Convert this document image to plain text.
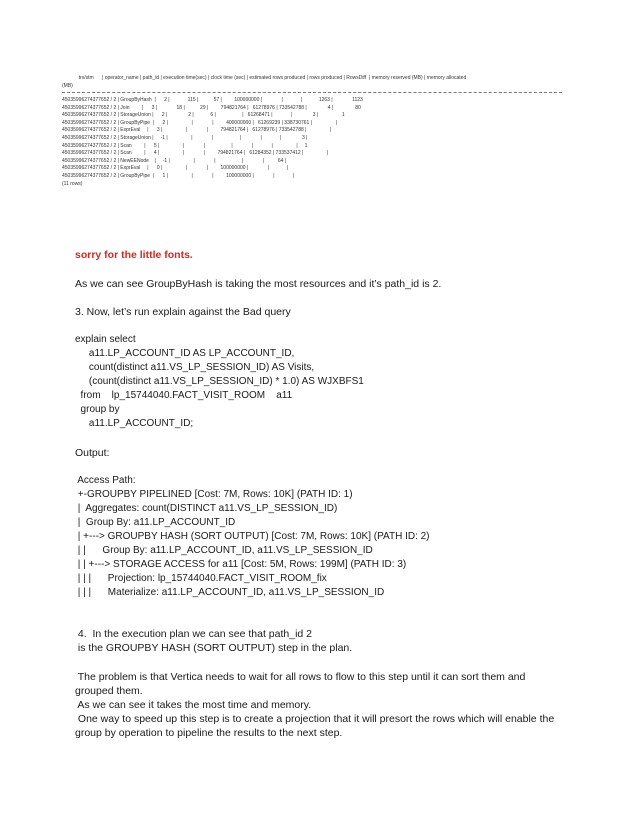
trx/stm      | operator_name | path_id | execution time(sec) | clock time (sec) | estimated rows produced | rows produced | RowsDiff  | memory reserved (MB) | memory allocated
(MB)
45035996274377652 / 2 | GroupByHash  |      2 |             115 |           57 |         100000000 |              |             |            1263 |              1123
45035996274377652 / 2 | Join         |      3 |              18 |           29 |         794821764 |   61278976 | 733542788 |               4 |                80
45035996274377652 / 2 | StorageUnion |      2 |               2 |            6 |                   |   61268471 |             |               3 |                 1
45035996274377652 / 2 | GroupByPipe  |      2 |                 |              |         400000000 |   61269239 | 338730761 |                 |
45035996274377652 / 2 | ExprEval     |      3 |                 |              |         794821764 |   61278976 | 733542788 |                 |
45035996274377652 / 2 | StorageUnion |     -1 |                 |              |                   |              |             |               3 |
45035996274377652 / 2 | Scan         |      5 |                 |              |                   |              |             |                 |     1
45035996274377652 / 2 | Scan         |      4 |                 |              |         794821764 |   61284352 | 733537412 |                 |
45035996274377652 / 2 | NewEENode    |     -1 |                 |              |                   |              |          64 |
45035996274377652 / 2 | ExprEval     |      0 |                 |              |         100000000 |              |             |
45035996274377652 / 2 | GroupByPipe  |      1 |                 |              |         100000000 |              |             |
(11 rows)
sorry for the little fonts.
As we can see GroupByHash is taking the most resources and it’s path_id is 2.
3. Now, let’s run explain against the Bad query
explain select
a11.LP_ACCOUNT_ID AS LP_ACCOUNT_ID,
count(distinct a11.VS_LP_SESSION_ID) AS Visits,
(count(distinct a11.VS_LP_SESSION_ID) * 1.0) AS WJXBFS1
from    lp_15744040.FACT_VISIT_ROOM    a11
group by
a11.LP_ACCOUNT_ID;
Output:
Access Path:
+-GROUPBY PIPELINED [Cost: 7M, Rows: 10K] (PATH ID: 1)
|  Aggregates: count(DISTINCT a11.VS_LP_SESSION_ID)
|  Group By: a11.LP_ACCOUNT_ID
| +---> GROUPBY HASH (SORT OUTPUT) [Cost: 7M, Rows: 10K] (PATH ID: 2)
| |      Group By: a11.LP_ACCOUNT_ID, a11.VS_LP_SESSION_ID
| | +---> STORAGE ACCESS for a11 [Cost: 5M, Rows: 199M] (PATH ID: 3)
| | |      Projection: lp_15744040.FACT_VISIT_ROOM_fix
| | |      Materialize: a11.LP_ACCOUNT_ID, a11.VS_LP_SESSION_ID
4.  In the execution plan we can see that path_id 2
is the GROUPBY HASH (SORT OUTPUT) step in the plan.
The problem is that Vertica needs to wait for all rows to flow to this step until it can sort them and
grouped them.
As we can see it takes the most time and memory.
One way to speed up this step is to create a projection that it will presort the rows which will enable the
group by operation to pipeline the results to the next step.
